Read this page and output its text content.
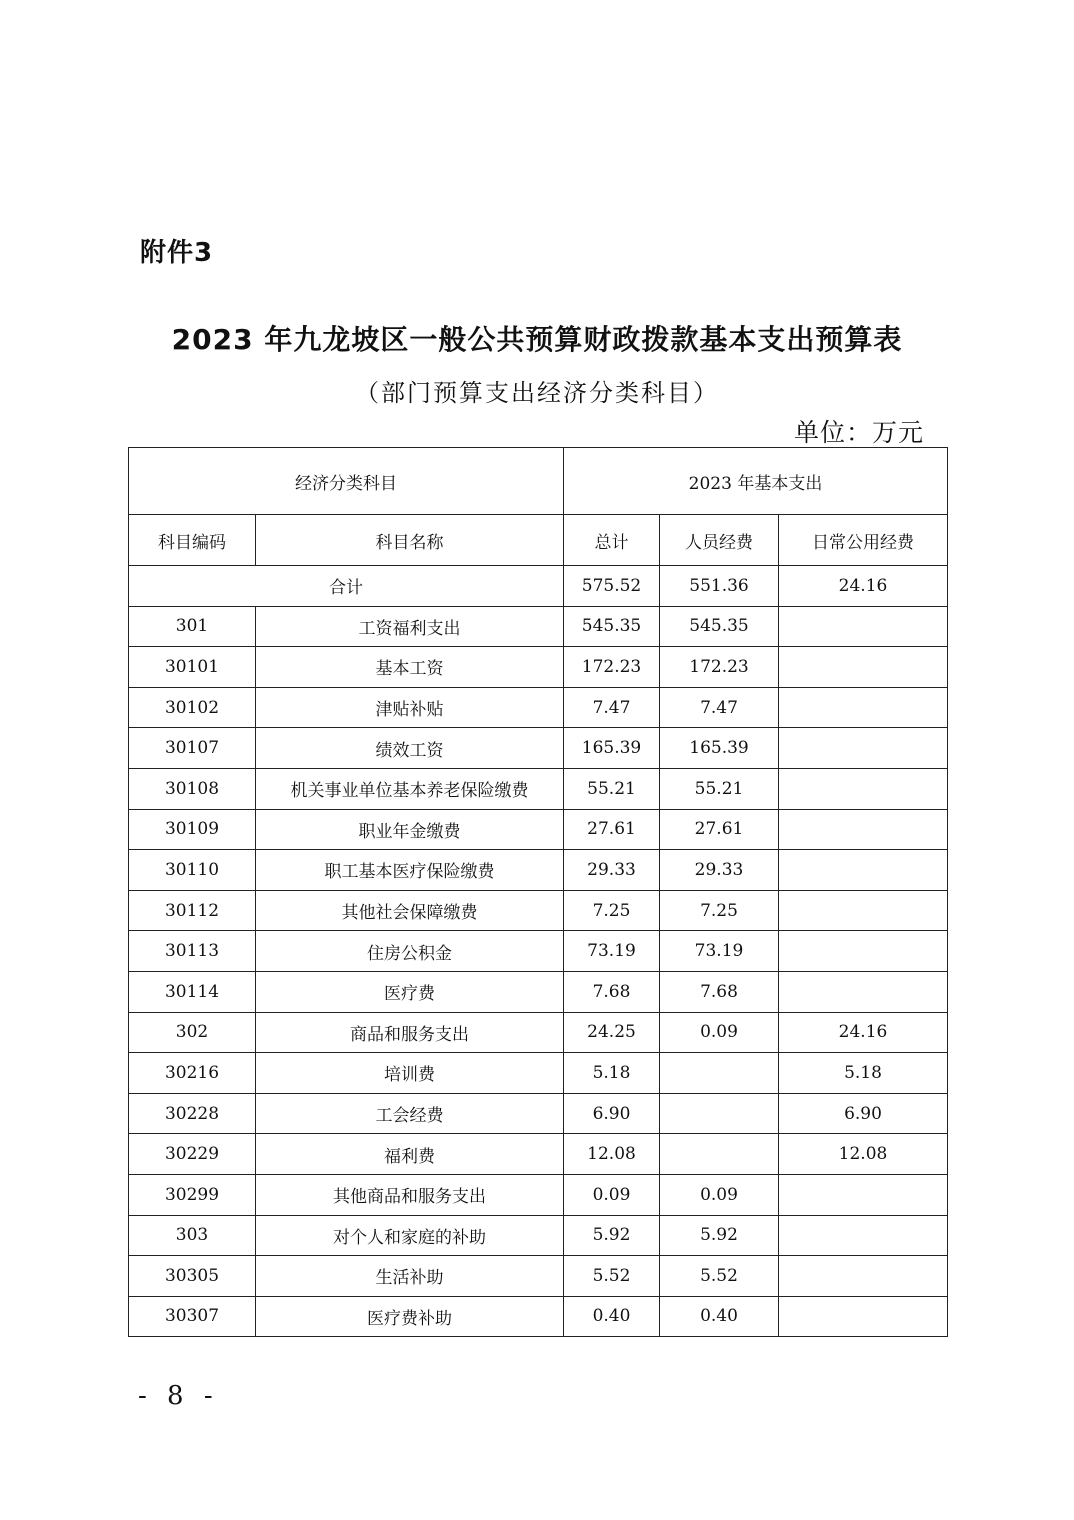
附件3
2023 年九龙坡区一般公共预算财政拨款基本支出预算表
（部门预算支出经济分类科目）
单位：万元
经济分类科目		2023 年基本支出		
科目编码	科目名称	总计	人员经费	日常公用经费
合计		575.52	551.36	24.16
301	工资福利支出	545.35	545.35	
30101	基本工资	172.23	172.23	
30102	津贴补贴	7.47	7.47	
30107	绩效工资	165.39	165.39	
30108	机关事业单位基本养老保险缴费	55.21	55.21	
30109	职业年金缴费	27.61	27.61	
30110	职工基本医疗保险缴费	29.33	29.33	
30112	其他社会保障缴费	7.25	7.25	
30113	住房公积金	73.19	73.19	
30114	医疗费	7.68	7.68	
302	商品和服务支出	24.25	0.09	24.16
30216	培训费	5.18		5.18
30228	工会经费	6.90		6.90
30229	福利费	12.08		12.08
30299	其他商品和服务支出	0.09	0.09	
303	对个人和家庭的补助	5.92	5.92	
30305	生活补助	5.52	5.52	
30307	医疗费补助	0.40	0.40	
- 8 -
